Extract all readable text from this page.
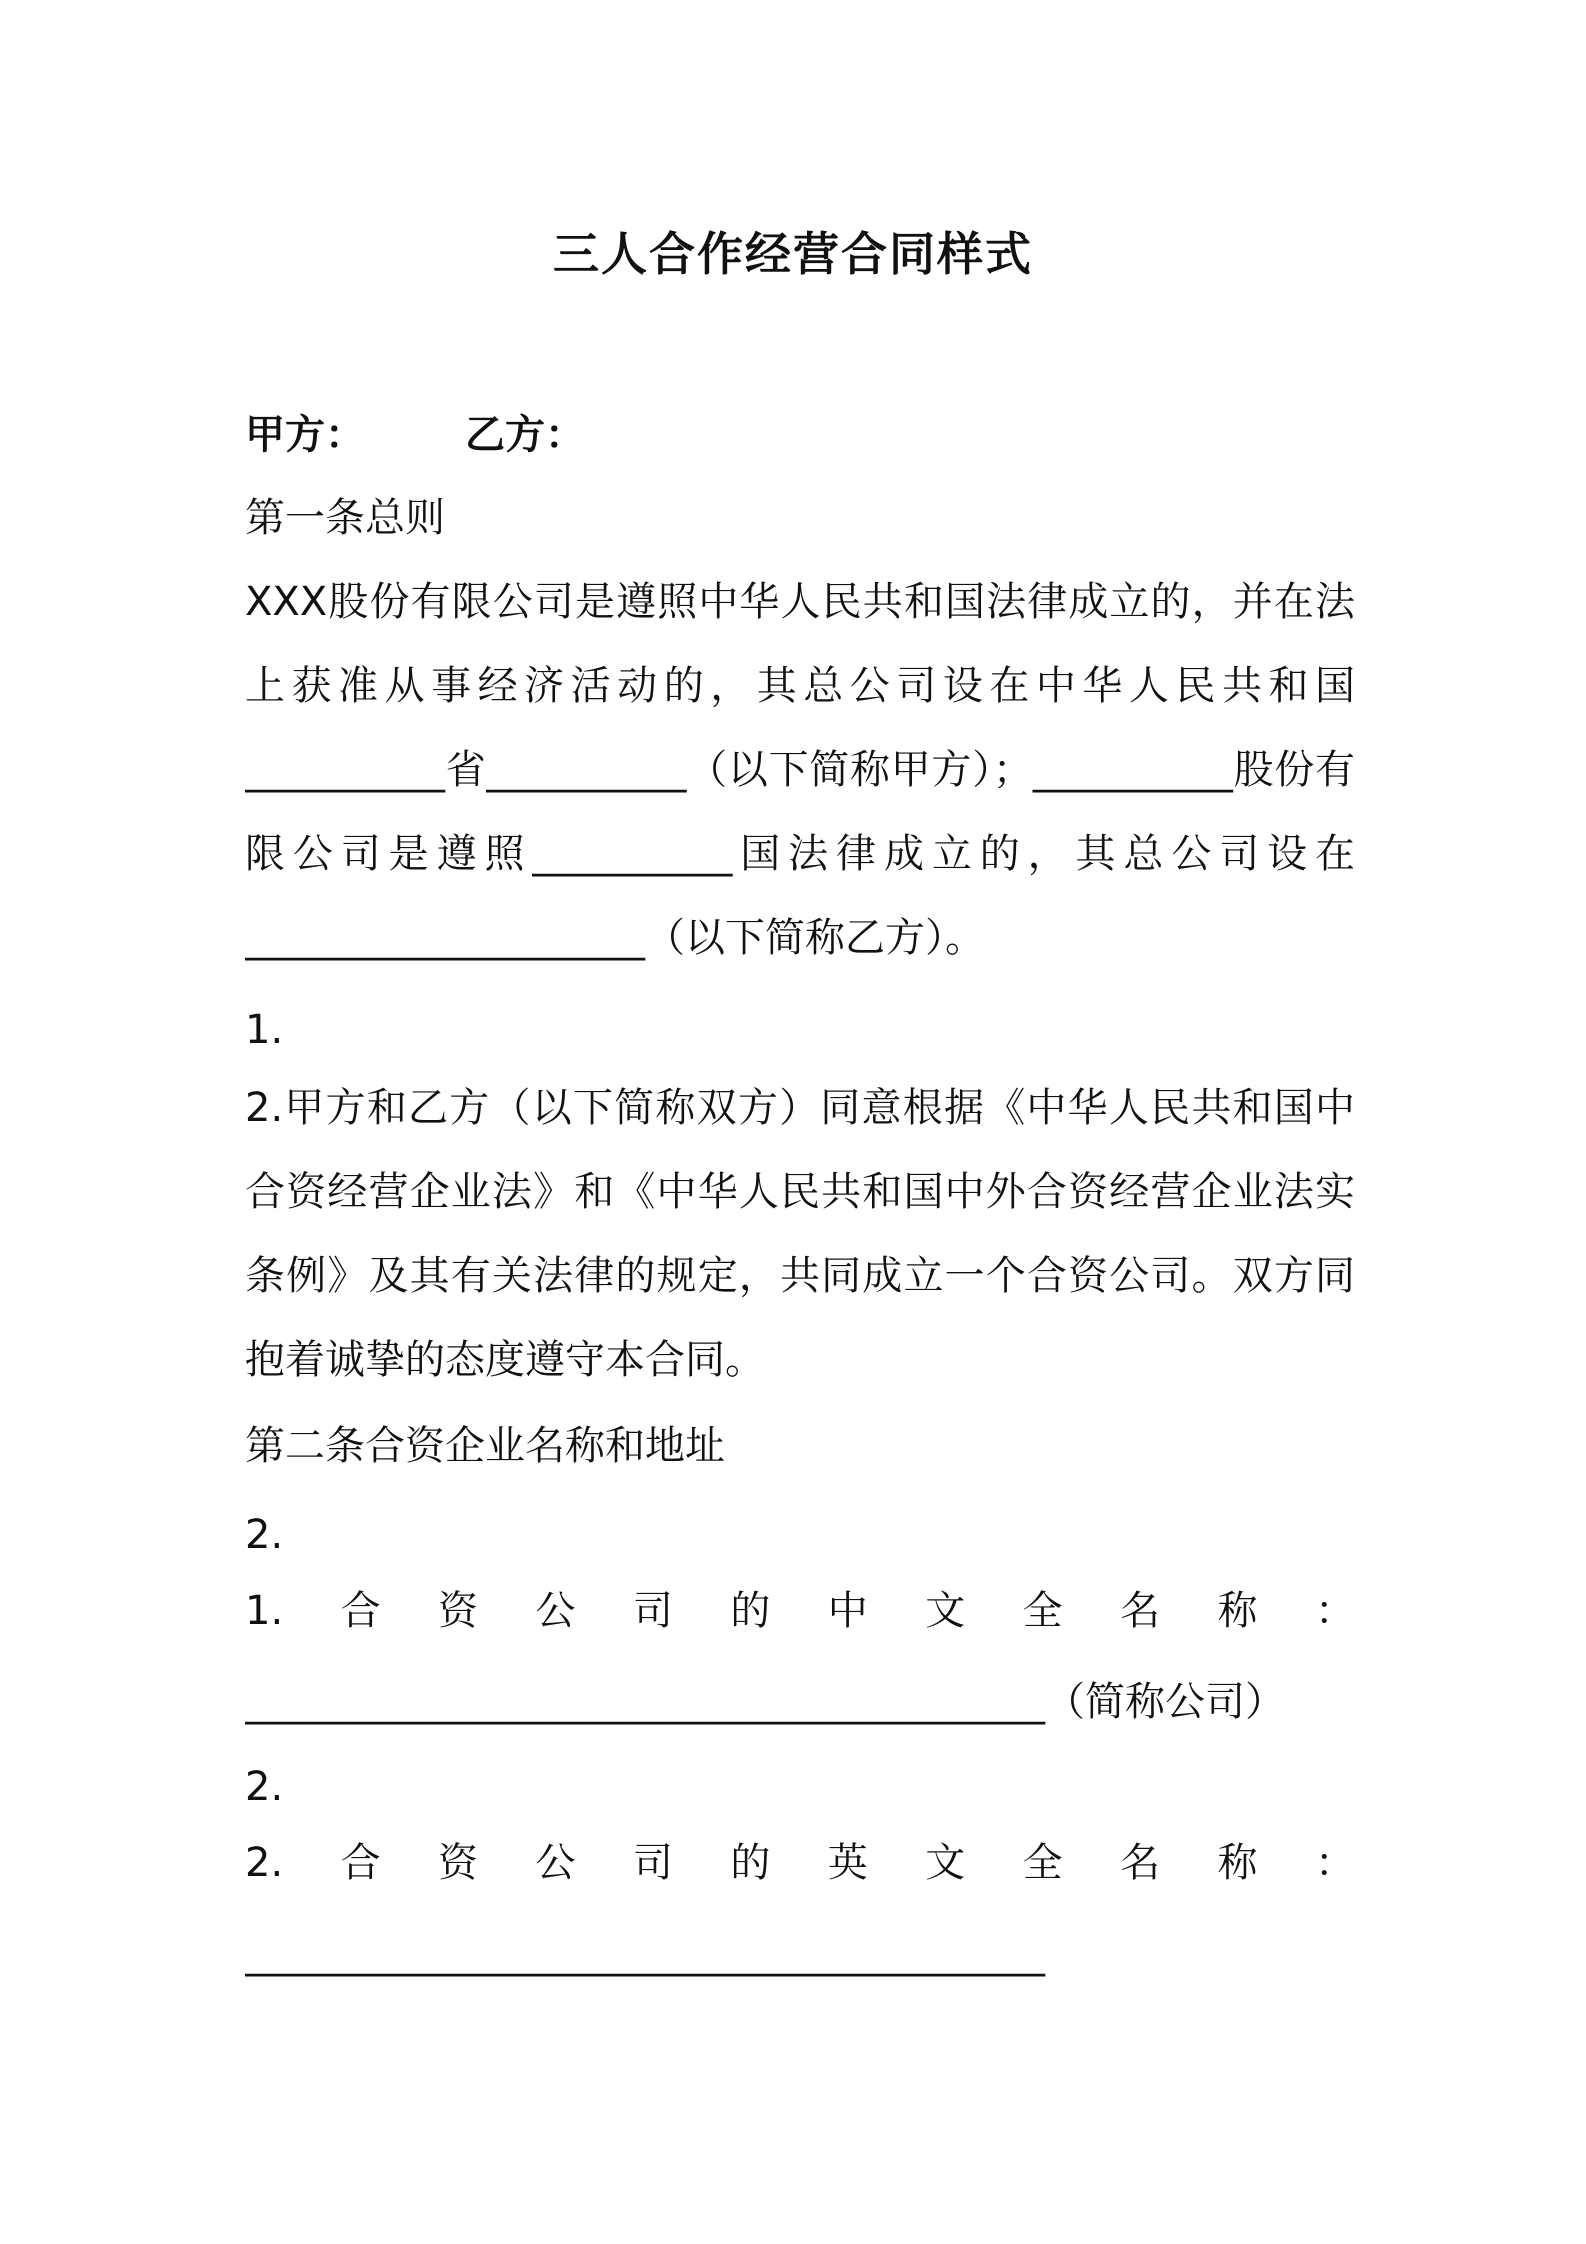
三人合作经营合同样式
甲方：	乙方：
第一条总则
XXX股份有限公司是遵照中华人民共和国法律成立的，并在法
上获准从事经济活动的，其总公司设在中华人民共和国
__________省__________（以下简称甲方）；__________股份有
限公司是遵照__________国法律成立的，其总公司设在
____________________（以下简称乙方）。
1.
2.甲方和乙方（以下简称双方）同意根据《中华人民共和国中
合资经营企业法》和《中华人民共和国中外合资经营企业法实
条例》及其有关法律的规定，共同成立一个合资公司。双方同
抱着诚挚的态度遵守本合同。
第二条合资企业名称和地址
2.
1.合资公司的中文全名称：
________________________________________（简称公司）
2.
2.合资公司的英文全名称：
________________________________________
